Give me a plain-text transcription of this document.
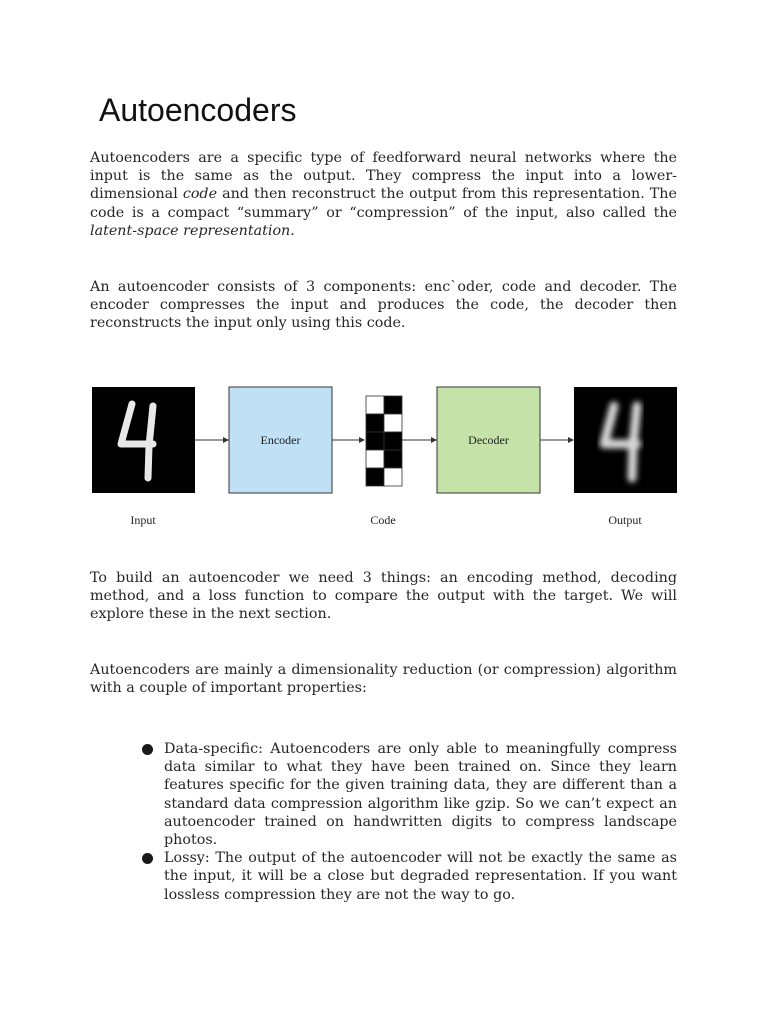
Autoencoders

Autoencoders are a specific type of feedforward neural networks where the input is the same as the output. They compress the input into a lower-dimensional code and then reconstruct the output from this representation. The code is a compact “summary” or “compression” of the input, also called the latent-space representation.

An autoencoder consists of 3 components: enc`oder, code and decoder. The encoder compresses the input and produces the code, the decoder then reconstructs the input only using this code.

Encoder	Decoder
Input	Code	Output

To build an autoencoder we need 3 things: an encoding method, decoding method, and a loss function to compare the output with the target. We will explore these in the next section.

Autoencoders are mainly a dimensionality reduction (or compression) algorithm with a couple of important properties:

Data-specific: Autoencoders are only able to meaningfully compress data similar to what they have been trained on. Since they learn features specific for the given training data, they are different than a standard data compression algorithm like gzip. So we can’t expect an autoencoder trained on handwritten digits to compress landscape photos.
Lossy: The output of the autoencoder will not be exactly the same as the input, it will be a close but degraded representation. If you want lossless compression they are not the way to go.
